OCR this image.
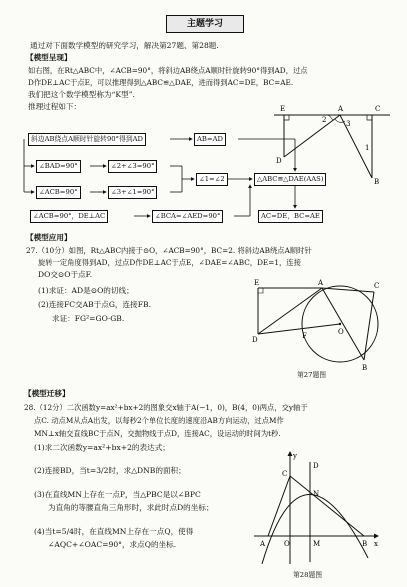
主题学习
通过对下面数学模型的研究学习，解决第27题、第28题.
【模型呈现】
如右图，在Rt△ABC中，∠ACB=90°，将斜边AB绕点A顺时针旋转90°得到AD，过点
D作DE⊥AC于点E，可以推理得到△ABC≌△DAE，进而得到AC=DE，BC=AE.
我们把这个数学模型称为“K型”.
推理过程如下：	E	A	C
D
B
1
2	3
斜边AB绕点A顺时针旋转90°得到AD	AB=AD
∠BAD=90°	∠2+∠3=90°
∠ACB=90°	∠3+∠1=90°
∠1=∠2	△ABC≌△DAE(AAS)
∠ACB=90°，DE⊥AC	∠BCA=∠AED=90°	AC=DE，BC=AE
【模型应用】
27.（10分）如图，Rt△ABC内接于⊙O，∠ACB=90°，BC=2. 将斜边AB绕点A顺时针
旋转一定角度得到AD，过点D作DE⊥AC于点E，∠DAE=∠ABC，DE=1，连接
DO交⊙O于点F.
(1)求证：AD是⊙O的切线；
(2)连接FC交AB于点G，连接FB.
求证：FG²=GO·GB.
E	A	C
D	F	O
B
第27题图
【模型迁移】
28.（12分）二次函数y=ax²+bx+2的图象交x轴于A(−1，0)，B(4，0)两点，交y轴于
点C. 动点M从点A出发，以每秒2个单位长度的速度沿AB方向运动，过点M作
MN⊥x轴交直线BC于点N，交抛物线于点D，连接AC，设运动的时间为t秒.
(1)求二次函数y=ax²+bx+2的表达式；
(2)连接BD，当t=3/2时，求△DNB的面积；
(3)在直线MN上存在一点P，当△PBC是以∠BPC
为直角的等腰直角三角形时，求此时点D的坐标；
(4)当t=5/4时，在直线MN上存在一点Q，使得
∠AQC+∠OAC=90°，求点Q的坐标.
y
x
C
O
A	B
N
D
M
第28题图
